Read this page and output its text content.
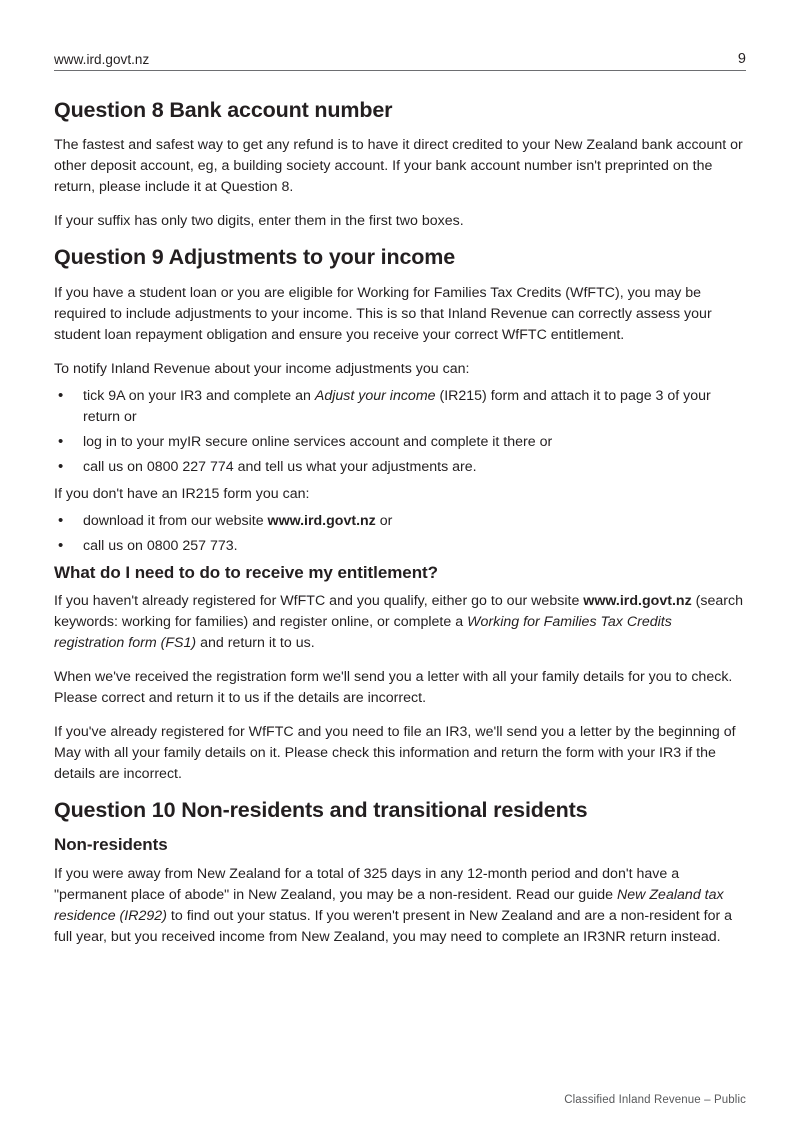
www.ird.govt.nz	9
Question 8 Bank account number

The fastest and safest way to get any refund is to have it direct credited to your New Zealand bank account or other deposit account, eg, a building society account. If your bank account number isn't preprinted on the return, please include it at Question 8.

If your suffix has only two digits, enter them in the first two boxes.

Question 9 Adjustments to your income

If you have a student loan or you are eligible for Working for Families Tax Credits (WfFTC), you may be required to include adjustments to your income. This is so that Inland Revenue can correctly assess your student loan repayment obligation and ensure you receive your correct WfFTC entitlement.

To notify Inland Revenue about your income adjustments you can:

• tick 9A on your IR3 and complete an Adjust your income (IR215) form and attach it to page 3 of your return or
• log in to your myIR secure online services account and complete it there or
• call us on 0800 227 774 and tell us what your adjustments are.

If you don't have an IR215 form you can:

• download it from our website www.ird.govt.nz or
• call us on 0800 257 773.
What do I need to do to receive my entitlement?

If you haven't already registered for WfFTC and you qualify, either go to our website www.ird.govt.nz (search keywords: working for families) and register online, or complete a Working for Families Tax Credits registration form (FS1) and return it to us.

When we've received the registration form we'll send you a letter with all your family details for you to check. Please correct and return it to us if the details are incorrect.

If you've already registered for WfFTC and you need to file an IR3, we'll send you a letter by the beginning of May with all your family details on it. Please check this information and return the form with your IR3 if the details are incorrect.

Question 10 Non-residents and transitional residents
Non-residents

If you were away from New Zealand for a total of 325 days in any 12-month period and don't have a "permanent place of abode" in New Zealand, you may be a non-resident. Read our guide New Zealand tax residence (IR292) to find out your status. If you weren't present in New Zealand and are a non-resident for a full year, but you received income from New Zealand, you may need to complete an IR3NR return instead.

Classified Inland Revenue – Public
